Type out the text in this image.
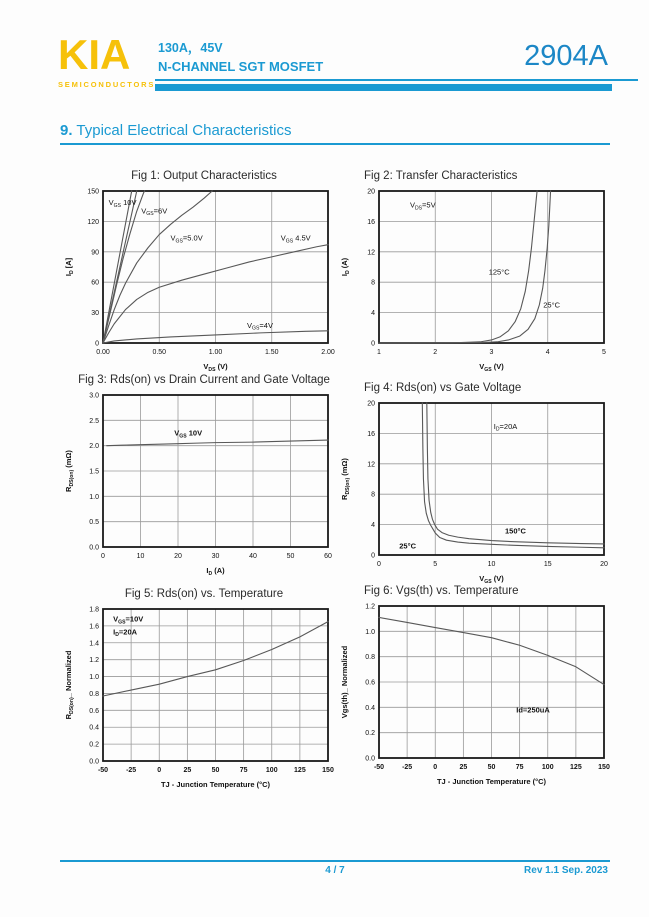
KIA
SEMICONDUCTORS
130A，45V
N-CHANNEL SGT MOSFET	2904A
9. Typical Electrical Characteristics
Fig 1: Output Characteristics
0.00	0.50	1.00	1.50	2.00
0
30
60
90
120
150
$V_{DS}$ (V)
$I_D$ [A]
$V_{GS}$ 10V
$V_{GS}=6V$
$V_{GS}=5.0V$	$V_{GS}$ 4.5V
$V_{GS}=4V$
Fig 2: Transfer Characteristics
1	2	3	4	5
0
4
8
12
16
20
$V_{GS}$ (V)
$I_D$ (A)
$V_{DS}=5V$
125°C
25°C
Fig 3: Rds(on) vs Drain Current and Gate Voltage
0	10	20	30	40	50	60
0.0
0.5
1.0
1.5
2.0
2.5
3.0
$I_D$ (A)
$R_{DS(on)}$ (mΩ)
$V_{GS}$ 10V
Fig 4: Rds(on) vs Gate Voltage
0	5	10	15	20
0
4
8
12
16
20
$V_{GS}$ (V)
$R_{DS(on)}$ (mΩ)
$I_D=20A$
150°C
25°C
Fig 5: Rds(on) vs. Temperature
-50	-25	0	25	50	75	100 125 150
0.0
0.2
0.4
0.6
0.8
1.0
1.2
1.4
1.6
1.8
TJ - Junction Temperature (°C)
$R_{DS(on)}\_$ Normalized
$V_{GS}=10V$
$I_D=20A$
Fig 6: Vgs(th) vs. Temperature
-50	-25	0	25	50	75	100 125 150
0.0
0.2
0.4
0.6
0.8
1.0
1.2
TJ - Junction Temperature (°C)
Vgs(th)_ Normalized	Id=250uA
4 / 7	Rev 1.1 Sep. 2023
